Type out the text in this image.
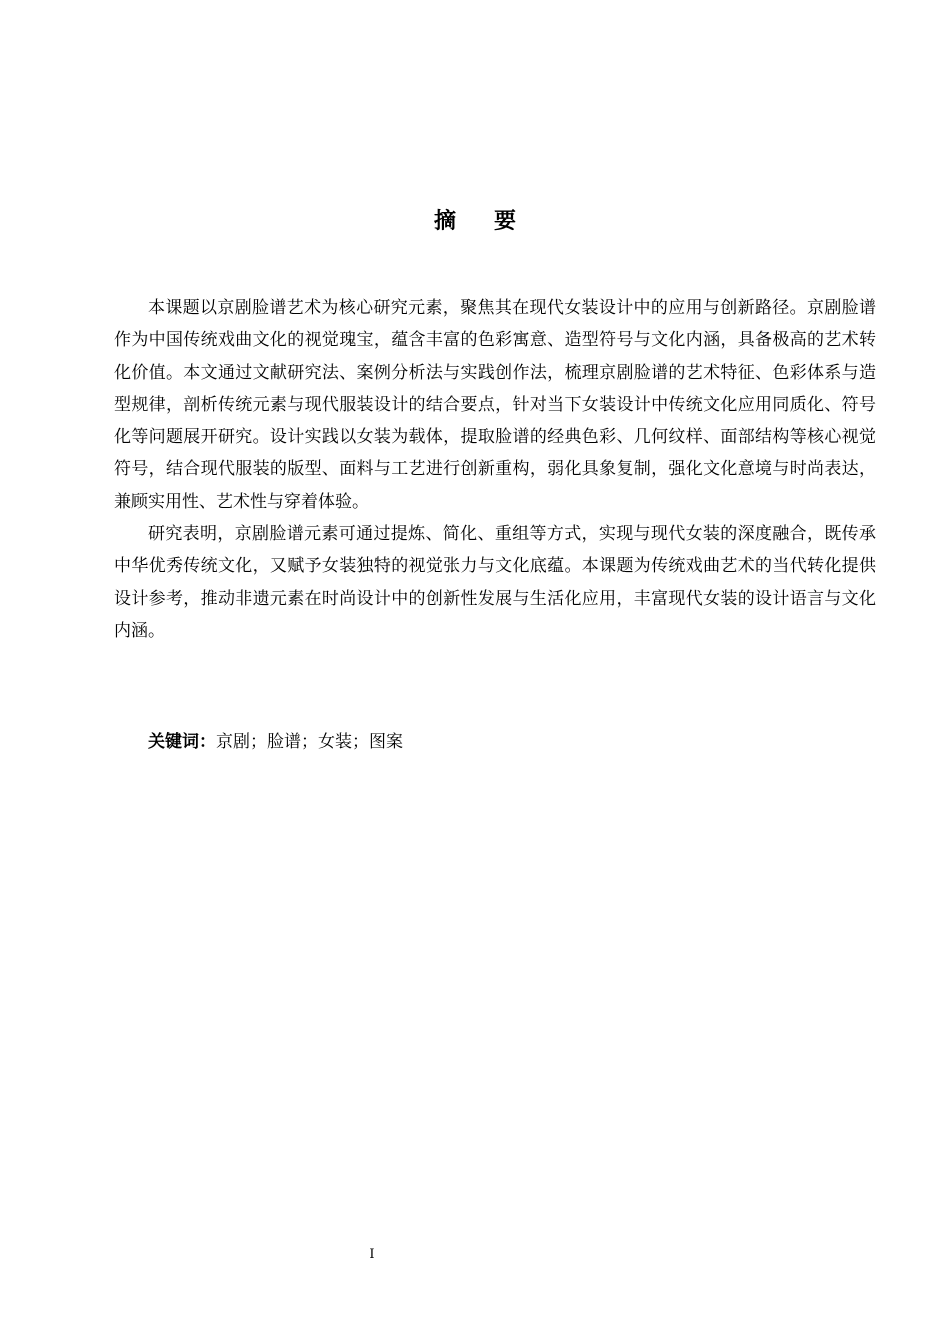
摘要

本课题以京剧脸谱艺术为核心研究元素，聚焦其在现代女装设计中的应用与创新路径。京剧脸谱作为中国传统戏曲文化的视觉瑰宝，蕴含丰富的色彩寓意、造型符号与文化内涵，具备极高的艺术转化价值。本文通过文献研究法、案例分析法与实践创作法，梳理京剧脸谱的艺术特征、色彩体系与造型规律，剖析传统元素与现代服装设计的结合要点，针对当下女装设计中传统文化应用同质化、符号化等问题展开研究。设计实践以女装为载体，提取脸谱的经典色彩、几何纹样、面部结构等核心视觉符号，结合现代服装的版型、面料与工艺进行创新重构，弱化具象复制，强化文化意境与时尚表达，兼顾实用性、艺术性与穿着体验。

研究表明，京剧脸谱元素可通过提炼、简化、重组等方式，实现与现代女装的深度融合，既传承中华优秀传统文化，又赋予女装独特的视觉张力与文化底蕴。本课题为传统戏曲艺术的当代转化提供设计参考，推动非遗元素在时尚设计中的创新性发展与生活化应用，丰富现代女装的设计语言与文化内涵。

关键词：京剧；脸谱；女装；图案
I
